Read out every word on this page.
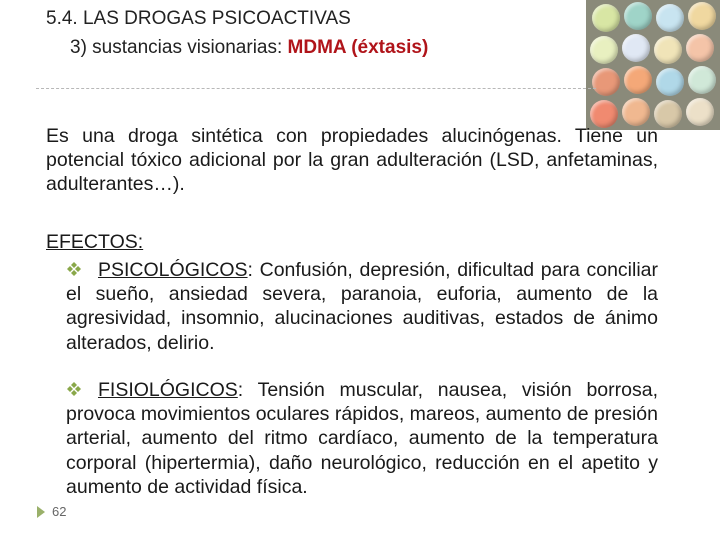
5.4. LAS DROGAS PSICOACTIVAS
3) sustancias visionarias: MDMA (éxtasis)
Es una droga sintética con propiedades alucinógenas. Tiene un potencial tóxico adicional por la gran adulteración (LSD, anfetaminas, adulterantes…).
EFECTOS:
PSICOLÓGICOS: Confusión, depresión, dificultad para conciliar el sueño, ansiedad severa, paranoia, euforia, aumento de la agresividad, insomnio, alucinaciones auditivas, estados de ánimo alterados, delirio.
FISIOLÓGICOS: Tensión muscular, nausea, visión borrosa, provoca movimientos oculares rápidos, mareos, aumento de presión arterial, aumento del ritmo cardíaco, aumento de la temperatura corporal (hipertermia), daño neurológico, reducción en el apetito y aumento de actividad física.
62
